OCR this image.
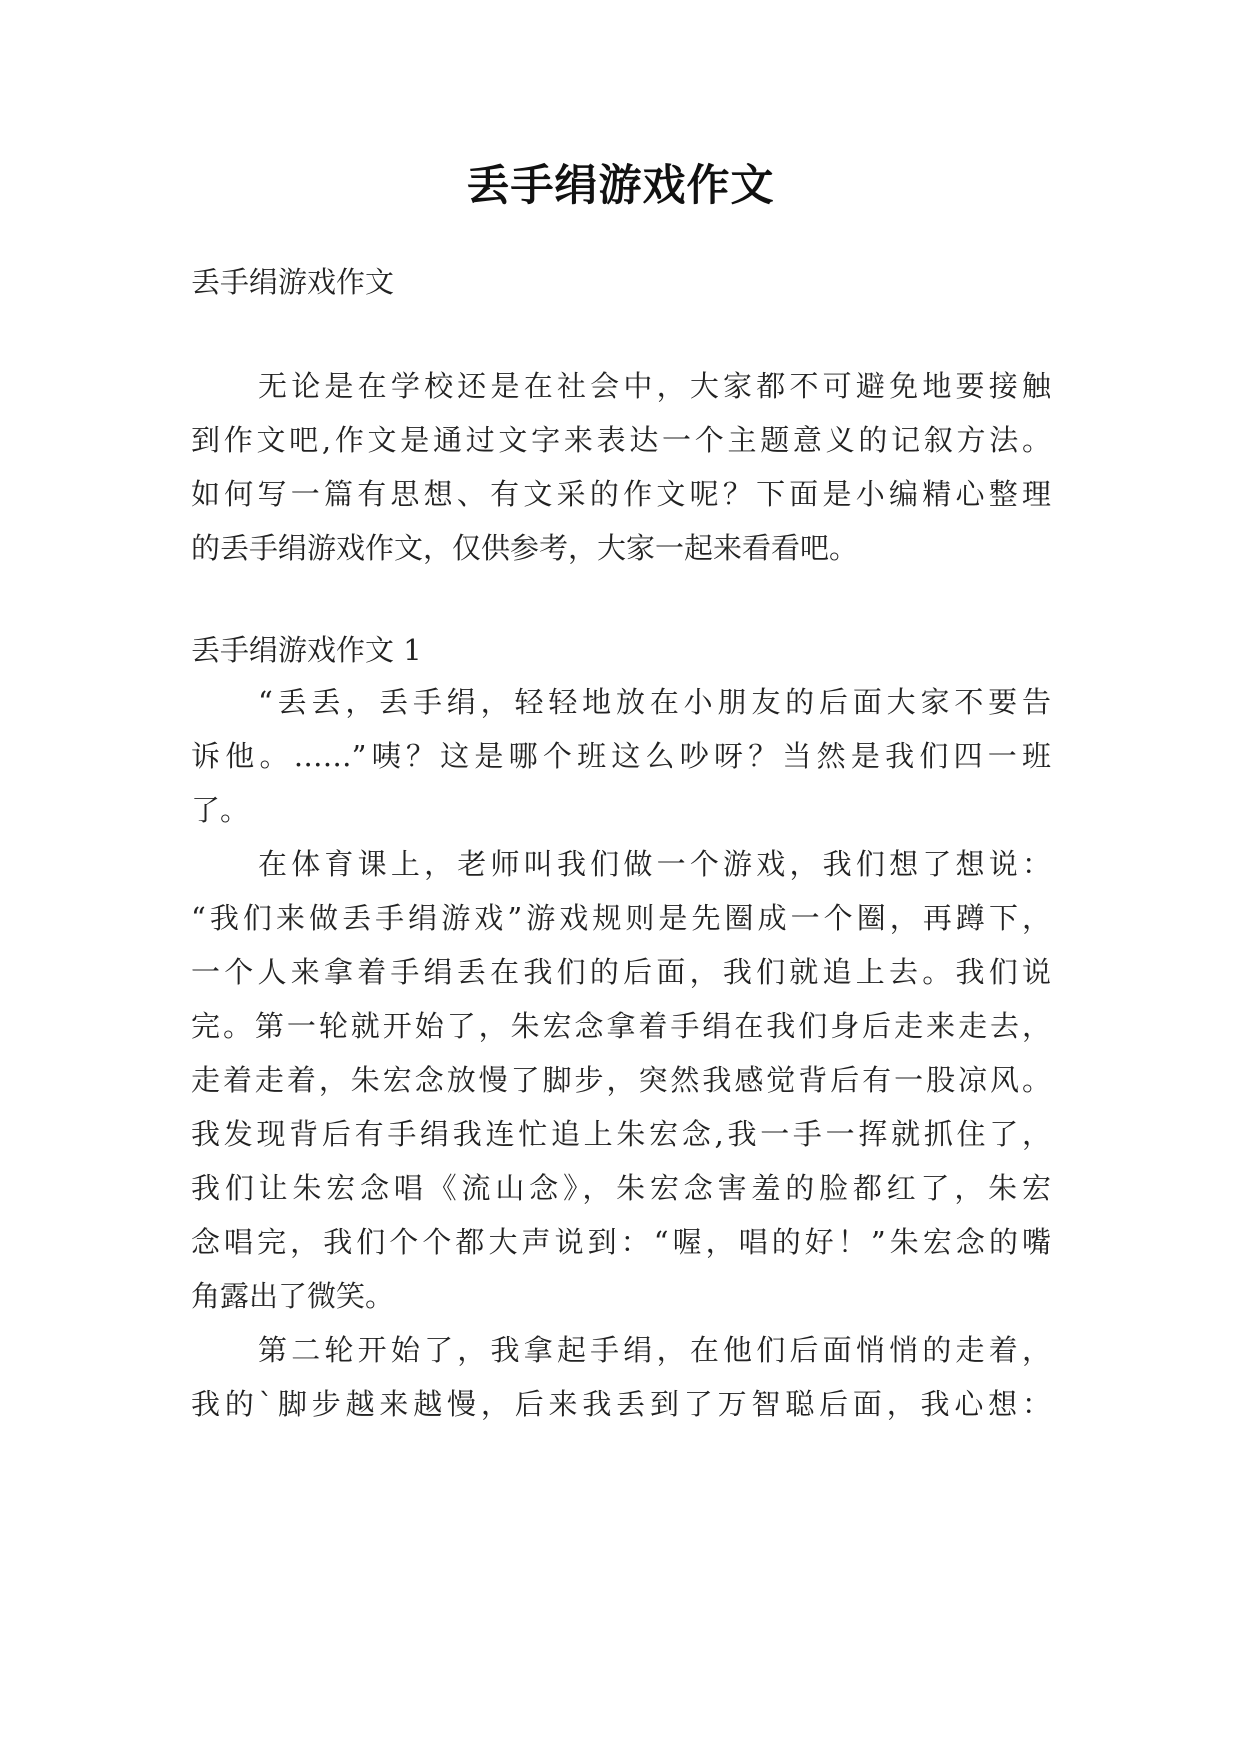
丢手绢游戏作文

丢手绢游戏作文

无论是在学校还是在社会中，大家都不可避免地要接触

到作文吧,作文是通过文字来表达一个主题意义的记叙方法。

如何写一篇有思想、有文采的作文呢？下面是小编精心整理

的丢手绢游戏作文，仅供参考，大家一起来看看吧。

丢手绢游戏作文 1

“丢丢，丢手绢，轻轻地放在小朋友的后面大家不要告

诉他。……”咦？这是哪个班这么吵呀？当然是我们四一班

了。

在体育课上，老师叫我们做一个游戏，我们想了想说：

“我们来做丢手绢游戏”游戏规则是先圈成一个圈，再蹲下，

一个人来拿着手绢丢在我们的后面，我们就追上去。我们说

完。第一轮就开始了，朱宏念拿着手绢在我们身后走来走去，

走着走着，朱宏念放慢了脚步，突然我感觉背后有一股凉风。

我发现背后有手绢我连忙追上朱宏念,我一手一挥就抓住了，

我们让朱宏念唱《流山念》，朱宏念害羞的脸都红了，朱宏

念唱完，我们个个都大声说到：“喔，唱的好！”朱宏念的嘴

角露出了微笑。

第二轮开始了，我拿起手绢，在他们后面悄悄的走着，

我的`脚步越来越慢，后来我丢到了万智聪后面，我心想：
